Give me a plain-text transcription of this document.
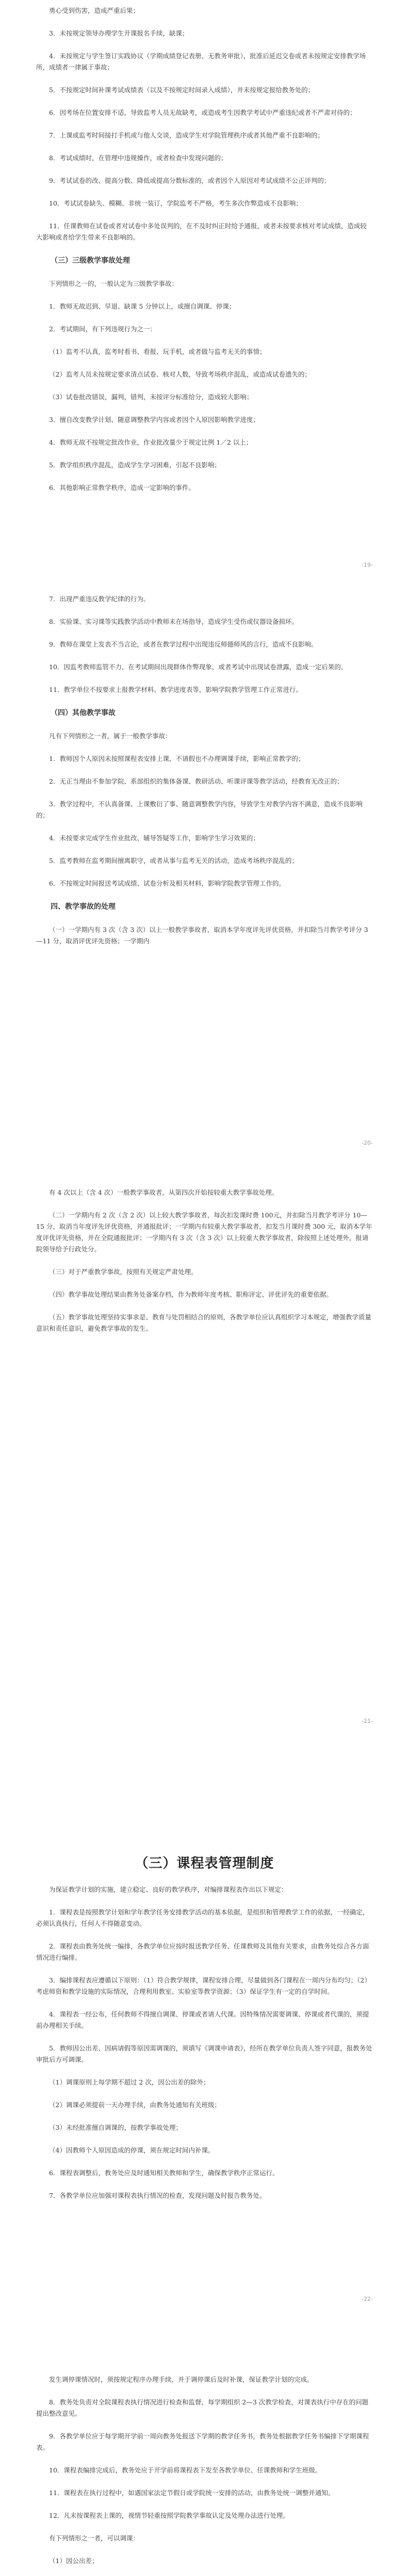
勇心受到伤害，造成严重后果；

3．未按规定领导办理学生开课报名手续，缺课；

4．未按规定与学生签订实践协议（学期成绩登记表册、无教务审批），批准后延迟交卷或者未按规定安排教学场所，成绩者一律属于事故；

5．不按规定时间补课考试成绩表（以及不按规定时间录入成绩），并未按规定报给教务处的；

6．因考场在位置安排不适，导致监考人员无故缺考，或造成考生因教学考试中严重违纪或者不严肃对待的；

7．上课或监考时间接打手机或与他人交谈，造成学生对学院管理秩序或者其他严重不良影响的；

8．考试成绩时，在管理中违规操作，或者检查中发现问题的；

9．考试试卷的改、提高分数、降低或提高分数标准的，或者因个人原因对考试成绩不公正评判的；

10．考试试卷缺失、模糊、非统一装订，学院监考不严格，考生多次作弊造成不良影响；

11．任课教师在试卷或者对试卷中多处误判的，在不及时纠正时给予通报，或者未按要求核对考试成绩，造成较大影响或者给学生带来不良影响的。

（三）三级教学事故处理

下列情形之一的，一般认定为三级教学事故：

1．教师无故迟到、早退、缺课 5 分钟以上，或擅自调课、停课；

2．考试期间，有下列违规行为之一：

（1）监考不认真，监考时看书、看报、玩手机，或者做与监考无关的事情；

（2）监考人员未按规定要求清点试卷、核对人数，导致考场秩序混乱，或造成试卷遗失的；

（3）试卷批改错误，漏判，错判，未按评分标准给分，造成较大影响；

3．擅自改变教学计划、随意调整教学内容或者因个人原因影响教学进度；

4．教师无故不按规定批改作业，作业批改量少于规定比例 1／2 以上；

5．教学组织秩序混乱，造成学生学习困难，引起不良影响；

6．其他影响正常教学秩序，造成一定影响的事件。

-19-

7．出现严重违反教学纪律的行为。

8．实验课、实习课等实践教学活动中教师未在场指导，造成学生受伤或仪器设备损坏。

9．教师在课堂上发表不当言论，或者在教学过程中出现违反师德师风的言行，造成不良影响。

10．因监考教师监管不力，在考试期间出现群体作弊现象，或者考试中出现试卷泄露，造成一定后果的。

11．教学单位不按要求上报教学材料、教学进度表等，影响学院教学管理工作正常进行。

（四）其他教学事故

凡有下列情形之一者，属于一般教学事故：

1．教师因个人原因未按照课程表安排上课，不请假也不办理调课手续，影响正常教学的；

2．无正当理由不参加学院、系部组织的集体备课、教研活动、听课评课等教学活动，经教育无改正的；

3．教学过程中，不认真备课、上课敷衍了事、随意调整教学内容，导致学生对教学内容不满意，造成不良影响的；

4．未按要求完成学生作业批改、辅导答疑等工作，影响学生学习效果的；

5．监考教师在监考期间擅离职守，或者从事与监考无关的活动，造成考场秩序混乱的；

6．不按规定时间报送考试成绩、试卷分析及相关材料，影响学院教学管理工作的。

四、教学事故的处理

（一）一学期内有 3 次（含 3 次）以上一般教学事故者，取消本学年度评先评优资格，并扣除当月教学考评分 3—11 分，取消评优评先资格；一学期内

-20-

有 4 次以上（含 4 次）一般教学事故者，从第四次开始按较重大教学事故处理。

（二）一学期内有 2 次（含 2 次）以上较大教学事故者，每次扣发课时费 100元，并扣除当月教学考评分 10—15 分，取消当年度评先评优资格，并通报批评；一学期内有较重大教学事故者，扣发当月课时费 300 元，取消本学年度评优评先资格，并在全院通报批评；一学期内有 3 次（含 3 次）以上较重大教学事故者，除按照上述处理外，报请院领导给予行政处分。

（三）对于严重教学事故，按照有关规定严肃处理。

（四）教学事故处理结果由教务处备案存档，作为教师年度考核、职称评定、评优评先的重要依据。

（五）教学事故处理坚持实事求是、教育与处罚相结合的原则，各教学单位应认真组织学习本规定，增强教学质量意识和责任意识，避免教学事故的发生。

-21-
（三）课程表管理制度

为保证教学计划的实施，建立稳定、良好的教学秩序，对编排课程表作出以下规定：

1．课程表是按照教学计划和学年教学任务安排教学活动的基本依据，是组织和管理教学工作的依据，一经确定，必须认真执行，任何人不得随意变动。

2．课程表由教务处统一编排，各教学单位应按时报送教学任务、任课教师及其他有关要求，由教务处综合各方面情况进行编排。

3．编排课程表应遵循以下原则：（1）符合教学规律，课程安排合理，尽量做到各门课程在一周内分布均匀；（2）考虑师资和教学设施的实际情况，合理利用教室、实验室等教学资源；（3）保证学生有一定的自学时间。

4．课程表一经公布，任何教师不得擅自调课、停课或者请人代课。因特殊情况需要调课、停课或者代课的，须提前办理相关手续。

5．教师因公出差、因病请假等原因需调课的，须填写《调课申请表》，经所在教学单位负责人签字同意，报教务处审批后方可调课。

（1）调课原则上每学期不超过 2 次，因公出差的除外；

（2）调课必须提前一天办理手续，由教务处通知有关班级；

（3）未经批准擅自调课的，按教学事故处理；

（4）因教师个人原因造成的停课，须在规定时间内补课。

6．课程表调整后，教务处应及时通知相关教师和学生，确保教学秩序正常运行。

7．各教学单位应加强对课程表执行情况的检查，发现问题及时报告教务处。

-22-

发生调停课情况时，须按规定程序办理手续，并于调停课后及时补课，保证教学计划的完成。

8．教务处负责对全院课程表执行情况进行检查和监督，每学期组织 2—3 次教学检查，对课表执行中存在的问题提出整改意见。

9．各教学单位应于每学期开学前一周向教务处报送下学期的教学任务书，教务处根据教学任务书编排下学期课程表。

10．课程表编排完成后，教务处应于开学前将课程表下发至各教学单位、任课教师和学生班级。

11．课程表在执行过程中，如遇国家法定节假日或学院统一安排的活动，由教务处统一调整并通知。

12．凡未按课程表上课的，视情节轻重按照学院教学事故认定及处理办法进行处理。

有下列情形之一者，可以调课：

（1）因公出差；
